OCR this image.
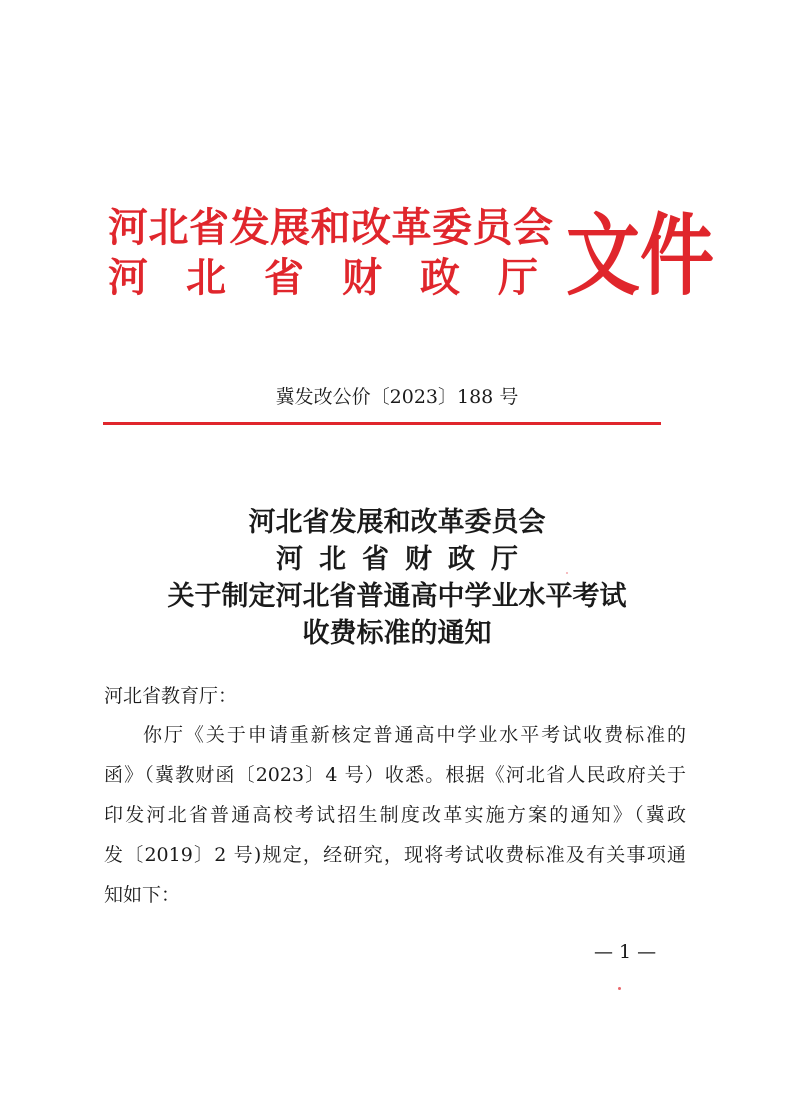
河北省发展和改革委员会
河北省财政厅
文件
冀发改公价〔2023〕188 号
河北省发展和改革委员会
河北省财政厅
关于制定河北省普通高中学业水平考试
收费标准的通知
河北省教育厅：
你厅《关于申请重新核定普通高中学业水平考试收费标准的
函》（冀教财函〔2023〕4 号）收悉。根据《河北省人民政府关于
印发河北省普通高校考试招生制度改革实施方案的通知》（冀政
发〔2019〕2 号)规定，经研究，现将考试收费标准及有关事项通
知如下：
— 1 —
